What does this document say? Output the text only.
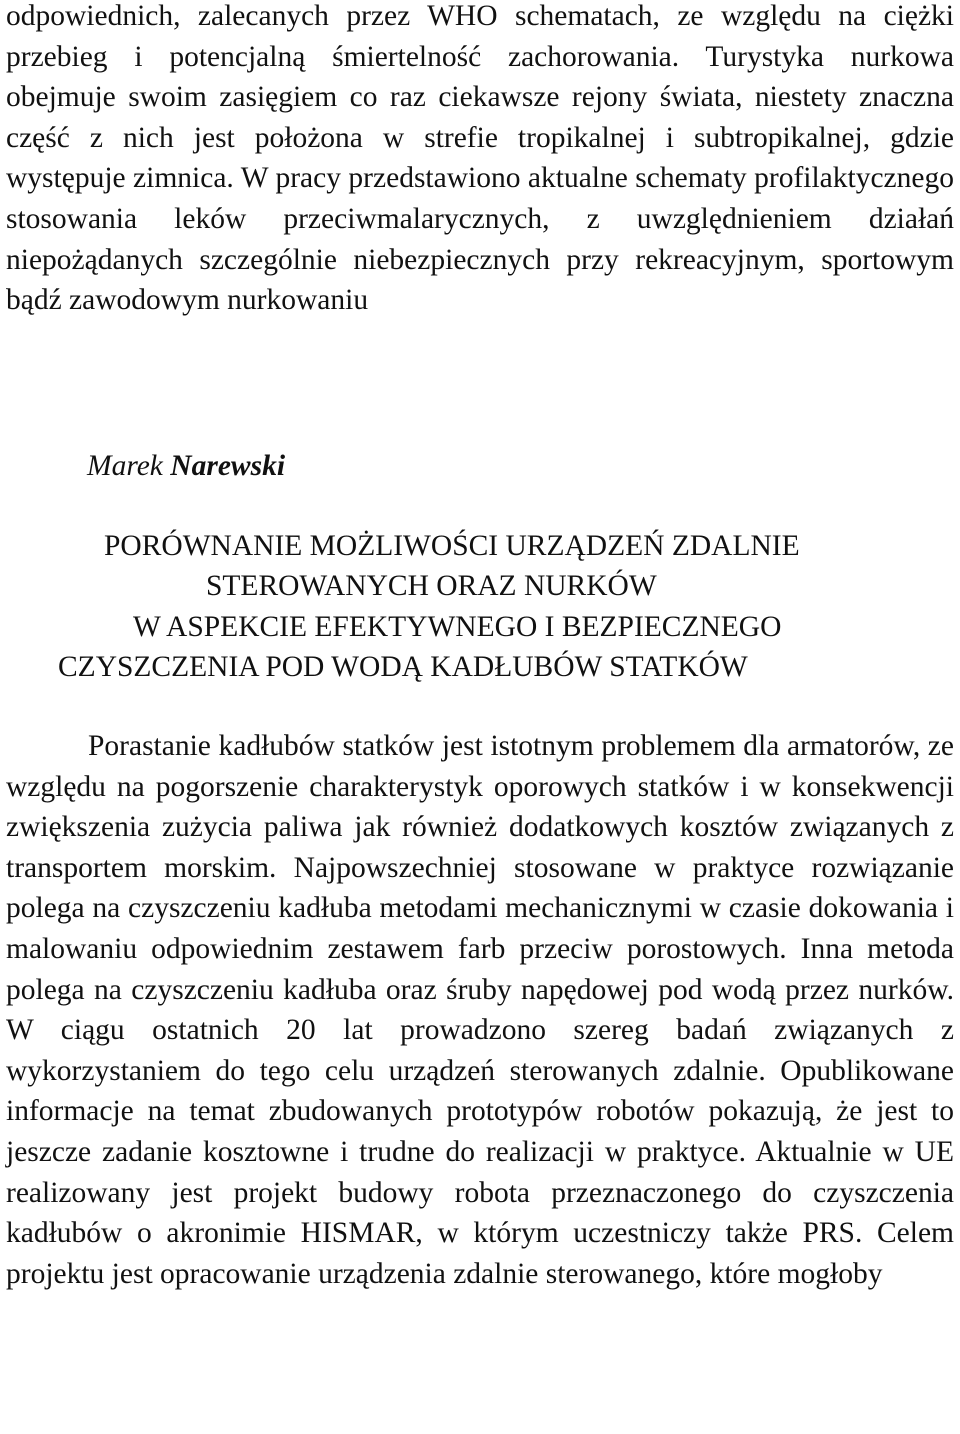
odpowiednich, zalecanych przez WHO schematach, ze względu na ciężki przebieg i potencjalną śmiertelność zachorowania. Turystyka nurkowa obejmuje swoim zasięgiem co raz ciekawsze rejony świata, niestety znaczna część z nich jest położona w strefie tropikalnej i subtropikalnej, gdzie występuje zimnica. W pracy przedstawiono aktualne schematy profilaktycznego stosowania leków przeciwmalarycznych, z uwzględnieniem działań niepożądanych szczególnie niebezpiecznych przy rekreacyjnym, sportowym bądź zawodowym nurkowaniu

Marek Narewski

PORÓWNANIE MOŻLIWOŚCI URZĄDZEŃ ZDALNIE
STEROWANYCH ORAZ NURKÓW
W ASPEKCIE EFEKTYWNEGO I BEZPIECZNEGO
CZYSZCZENIA POD WODĄ KADŁUBÓW STATKÓW

Porastanie kadłubów statków jest istotnym problemem dla armatorów, ze względu na pogorszenie charakterystyk oporowych statków i w konsekwencji zwiększenia zużycia paliwa jak również dodatkowych kosztów związanych z transportem morskim. Najpowszechniej stosowane w praktyce rozwiązanie polega na czyszczeniu kadłuba metodami mechanicznymi w czasie dokowania i malowaniu odpowiednim zestawem farb przeciw porostowych. Inna metoda polega na czyszczeniu kadłuba oraz śruby napędowej pod wodą przez nurków. W ciągu ostatnich 20 lat prowadzono szereg badań związanych z wykorzystaniem do tego celu urządzeń sterowanych zdalnie. Opublikowane informacje na temat zbudowanych prototypów robotów pokazują, że jest to jeszcze zadanie kosztowne i trudne do realizacji w praktyce. Aktualnie w UE realizowany jest projekt budowy robota przeznaczonego do czyszczenia kadłubów o akronimie HISMAR, w którym uczestniczy także PRS. Celem projektu jest opracowanie urządzenia zdalnie sterowanego, które mogłoby
